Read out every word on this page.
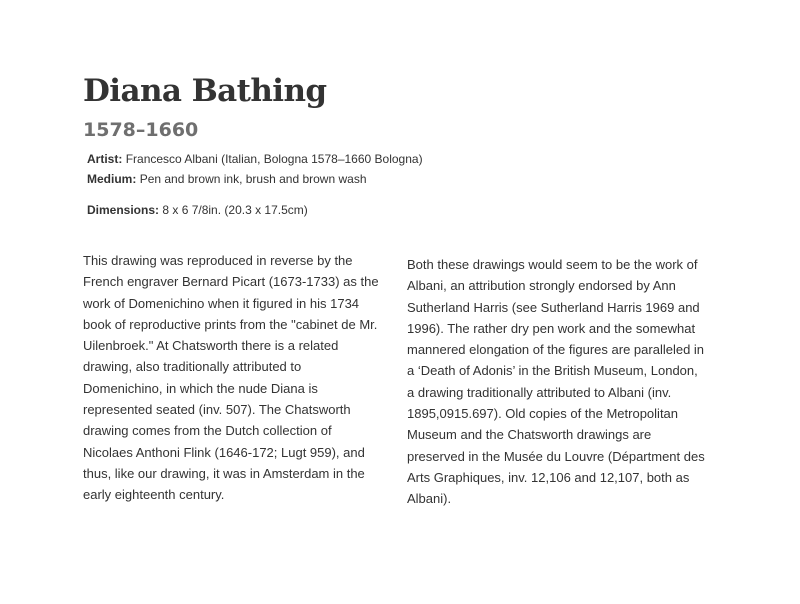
Diana Bathing
1578–1660
Artist: Francesco Albani (Italian, Bologna 1578–1660 Bologna)
Medium: Pen and brown ink, brush and brown wash
Dimensions: 8 x 6 7/8in. (20.3 x 17.5cm)

This drawing was reproduced in reverse by the French engraver Bernard Picart (1673-1733) as the work of Domenichino when it figured in his 1734 book of reproductive prints from the "cabinet de Mr. Uilenbroek." At Chatsworth there is a related drawing, also traditionally attributed to Domenichino, in which the nude Diana is represented seated (inv. 507). The Chatsworth drawing comes from the Dutch collection of Nicolaes Anthoni Flink (1646-172; Lugt 959), and thus, like our drawing, it was in Amsterdam in the early eighteenth century.

Both these drawings would seem to be the work of Albani, an attribution strongly endorsed by Ann Sutherland Harris (see Sutherland Harris 1969 and 1996). The rather dry pen work and the somewhat mannered elongation of the figures are paralleled in a ‘Death of Adonis’ in the British Museum, London, a drawing traditionally attributed to Albani (inv. 1895,0915.697). Old copies of the Metropolitan Museum and the Chatsworth drawings are preserved in the Musée du Louvre (Départment des Arts Graphiques, inv. 12,106 and 12,107, both as Albani).
